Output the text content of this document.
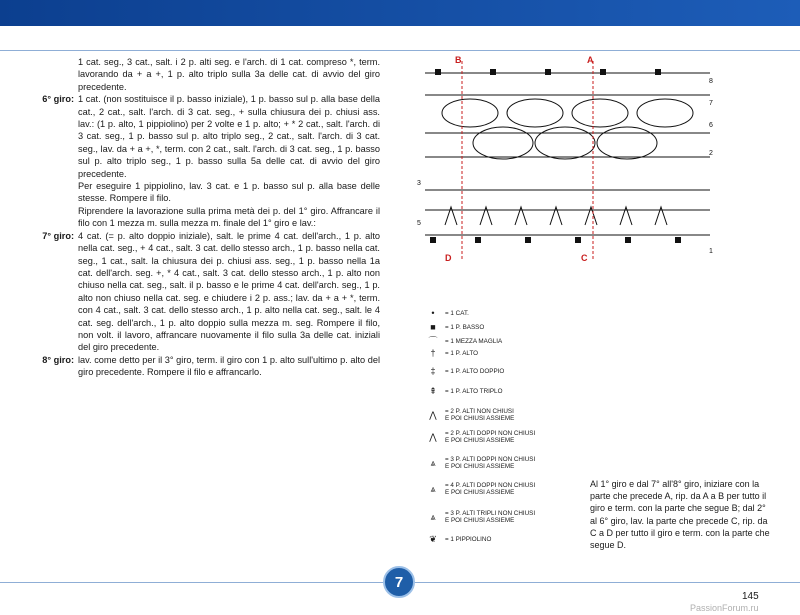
1 cat. seg., 3 cat., salt. i 2 p. alti seg. e l'arch. di 1 cat. compreso *, term. lavorando da + a +, 1 p. alto triplo sulla 3a delle cat. di avvio del giro precedente.
6° giro: 1 cat. (non sostituisce il p. basso iniziale), 1 p. basso sul p. alla base della cat., 2 cat., salt. l'arch. di 3 cat. seg., + sulla chiusura dei p. chiusi ass. lav.: (1 p. alto, 1 pippiolino) per 2 volte e 1 p. alto; + * 2 cat., salt. l'arch. di 3 cat. seg., 1 p. basso sul p. alto triplo seg., 2 cat., salt. l'arch. di 3 cat. seg., lav. da + a +, *, term. con 2 cat., salt. l'arch. di 3 cat. seg., 1 p. basso sul p. alto triplo seg., 1 p. basso sulla 5a delle cat. di avvio del giro precedente.
Per eseguire 1 pippiolino, lav. 3 cat. e 1 p. basso sul p. alla base delle stesse. Rompere il filo.
Riprendere la lavorazione sulla prima metà dei p. del 1° giro. Affrancare il filo con 1 mezza m. sulla mezza m. finale del 1° giro e lav.:
7° giro: 4 cat. (= p. alto doppio iniziale), salt. le prime 4 cat. dell'arch., 1 p. alto nella cat. seg., + 4 cat., salt. 3 cat. dello stesso arch., 1 p. basso nella cat. seg., 1 cat., salt. la chiusura dei p. chiusi ass. seg., 1 p. basso nella 1a cat. dell'arch. seg. +, * 4 cat., salt. 3 cat. dello stesso arch., 1 p. alto non chiuso nella cat. seg., salt. il p. basso e le prime 4 cat. dell'arch. seg., 1 p. alto non chiuso nella cat. seg. e chiudere i 2 p. ass.; lav. da + a + *, term. con 4 cat., salt. 3 cat. dello stesso arch., 1 p. alto nella cat. seg., salt. le 4 cat. seg. dell'arch., 1 p. alto doppio sulla mezza m. seg. Rompere il filo, non volt. il lavoro, affrancare nuovamente il filo sulla 3a delle cat. iniziali del giro precedente.
8° giro: lav. come detto per il 3° giro, term. il giro con 1 p. alto sull'ultimo p. alto del giro precedente. Rompere il filo e affrancarlo.
B	A
D	C
8
7
6
5
2
3
1
•	= 1 CAT.
■	= 1 P. BASSO
⌒	= 1 MEZZA MAGLIA
†	= 1 P. ALTO
‡	= 1 P. ALTO DOPPIO
⇞	= 1 P. ALTO TRIPLO
⋀	= 2 P. ALTI NON CHIUSI
E POI CHIUSI ASSIEME
⋀	= 2 P. ALTI DOPPI NON CHIUSI
E POI CHIUSI ASSIEME
⩓	= 3 P. ALTI DOPPI NON CHIUSI
E POI CHIUSI ASSIEME
⩓	= 4 P. ALTI DOPPI NON CHIUSI
E POI CHIUSI ASSIEME
⩓	= 3 P. ALTI TRIPLI NON CHIUSI
E POI CHIUSI ASSIEME
❦	= 1 PIPPIOLINO
Al 1° giro e dal 7° all'8° giro, iniziare con la parte che precede A, rip. da A a B per tutto il giro e term. con la parte che segue B; dal 2° al 6° giro, lav. la parte che precede C, rip. da C a D per tutto il giro e term. con la parte che segue D.
7
145
PassionForum.ru
